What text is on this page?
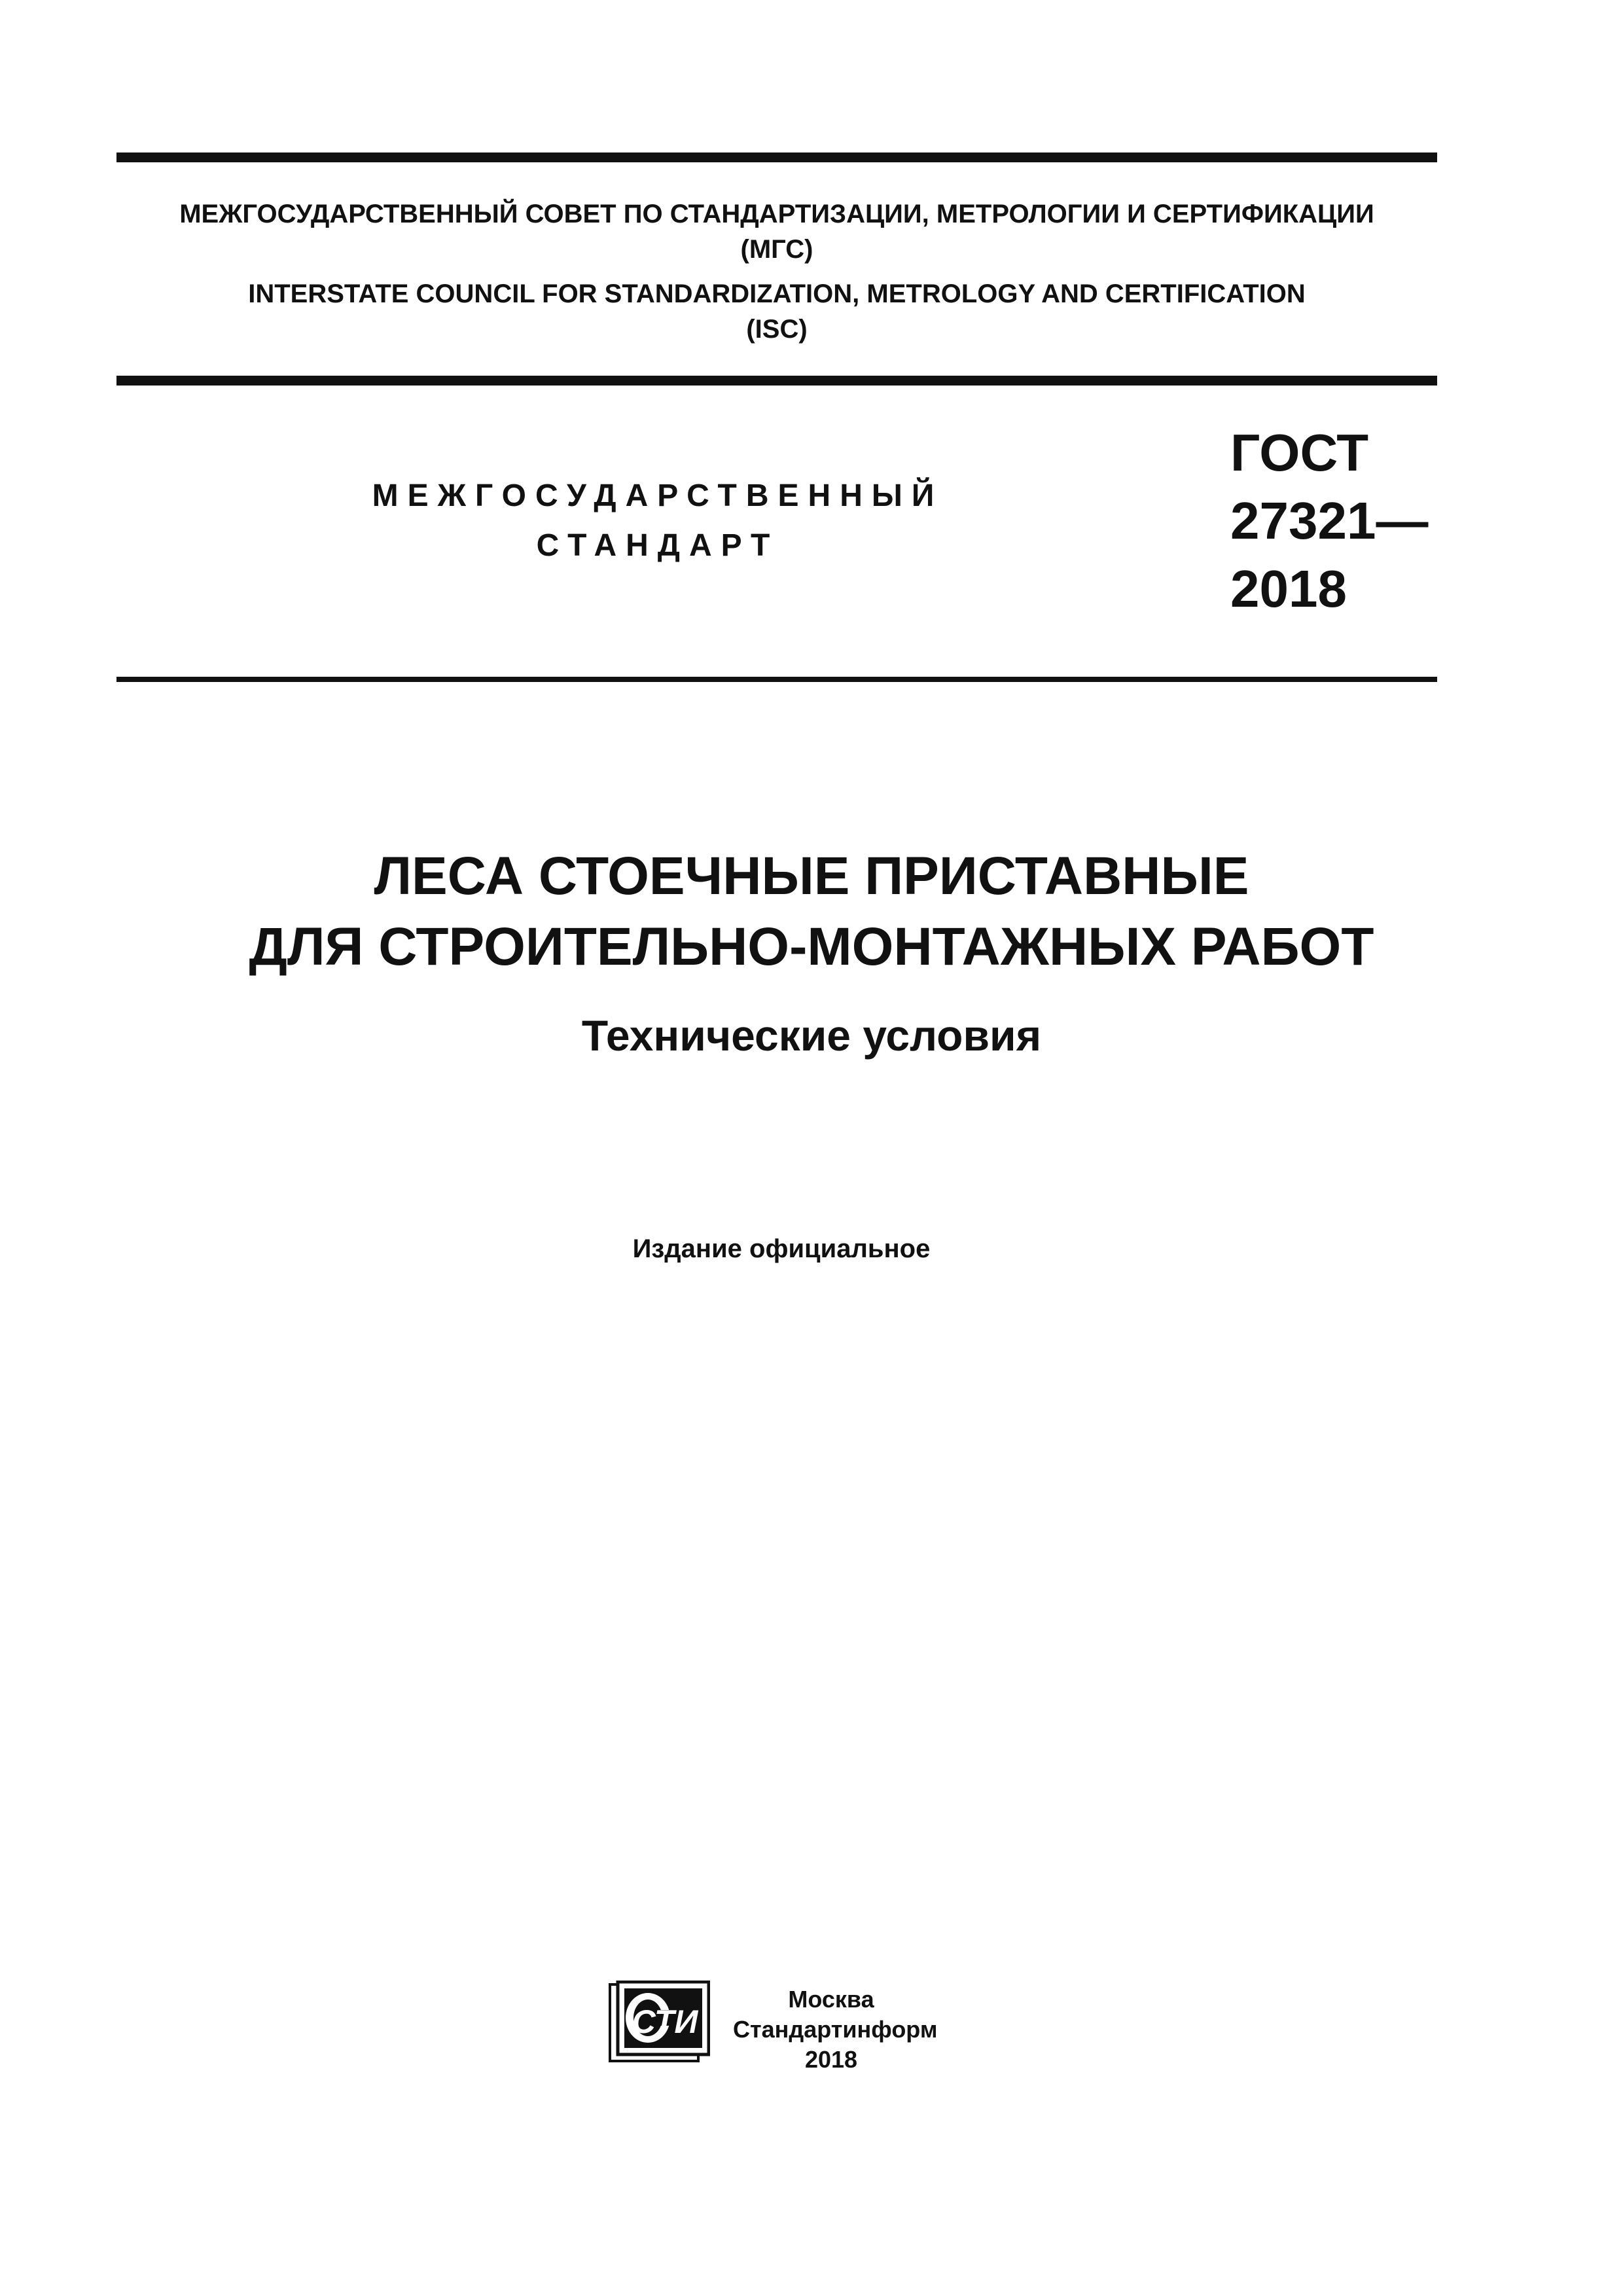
МЕЖГОСУДАРСТВЕННЫЙ СОВЕТ ПО СТАНДАРТИЗАЦИИ, МЕТРОЛОГИИ И СЕРТИФИКАЦИИ
(МГС)
INTERSTATE COUNCIL FOR STANDARDIZATION, METROLOGY AND CERTIFICATION
(ISC)
МЕЖГОСУДАРСТВЕННЫЙ
СТАНДАРТ
ГОСТ
27321—
2018
ЛЕСА СТОЕЧНЫЕ ПРИСТАВНЫЕ
ДЛЯ СТРОИТЕЛЬНО-МОНТАЖНЫХ РАБОТ
Технические условия
Издание официальное
СТИ
Москва
Стандартинформ
2018
